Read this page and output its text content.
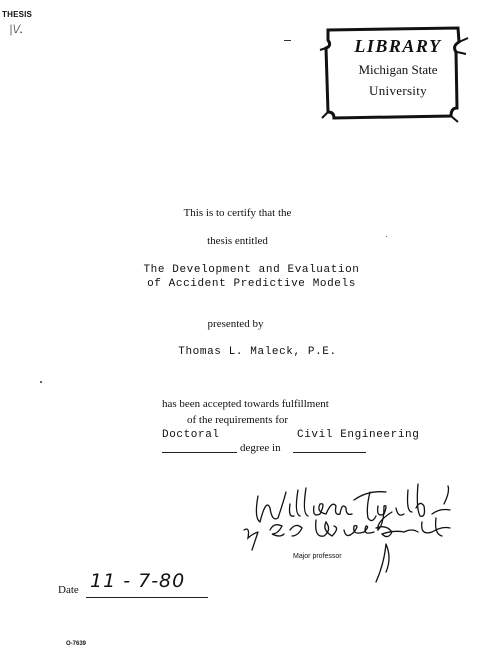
THESIS
|\/.
LIBRARY
Michigan State
University
This is to certify that the
thesis entitled
The Development and Evaluation
of Accident Predictive Models
presented by
Thomas L. Maleck, P.E.
has been accepted towards fulfillment
of the requirements for
Doctoral	Civil Engineering
degree in
Major professor
Date 11 - 7-80
O-7639
